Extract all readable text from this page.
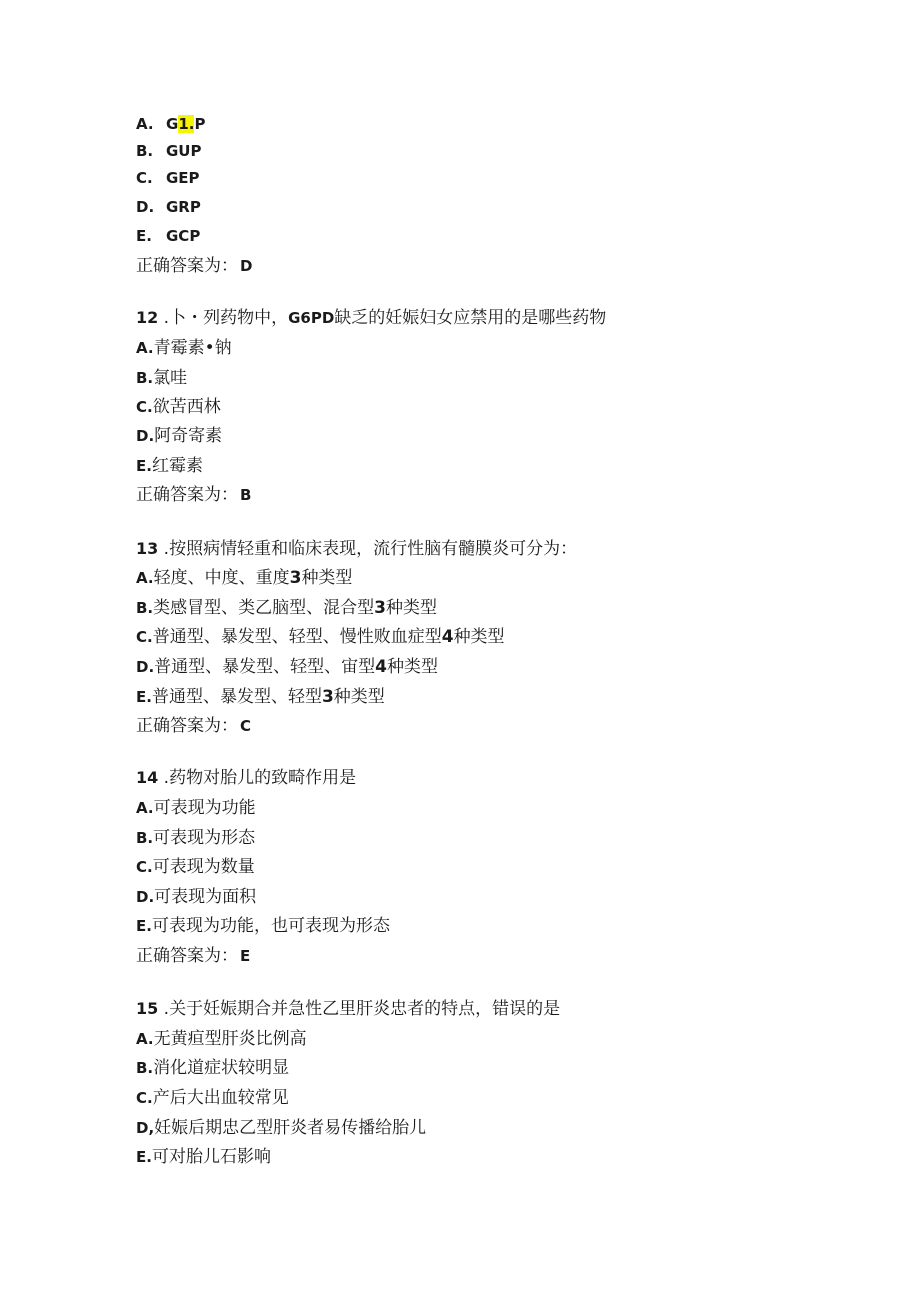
A. G1.P
B. GUP
C. GEP
D. GRP
E. GCP
正确答案为： D
12 .卜・列药物中，G6PD缺乏的妊娠妇女应禁用的是哪些药物
A.青霉素•钠
B.氯哇
C.欲苦西林
D.阿奇寄素
E.红霉素
正确答案为： B
13 .按照病情轻重和临床表现，流行性脑有髓膜炎可分为：
A.轻度、中度、重度3种类型
B.类感冒型、类乙脑型、混合型3种类型
C.普通型、暴发型、轻型、慢性败血症型4种类型
D.普通型、暴发型、轻型、宙型4种类型
E.普通型、暴发型、轻型3种类型
正确答案为： C
14 .药物对胎儿的致畸作用是
A.可表现为功能
B.可表现为形态
C.可表现为数量
D.可表现为面积
E.可表现为功能，也可表现为形态
正确答案为： E
15 .关于妊娠期合并急性乙里肝炎忠者的特点，错误的是
A.无黄疸型肝炎比例高
B.消化道症状较明显
C.产后大出血较常见
D,妊娠后期忠乙型肝炎者易传播给胎儿
E.可对胎儿石影响
